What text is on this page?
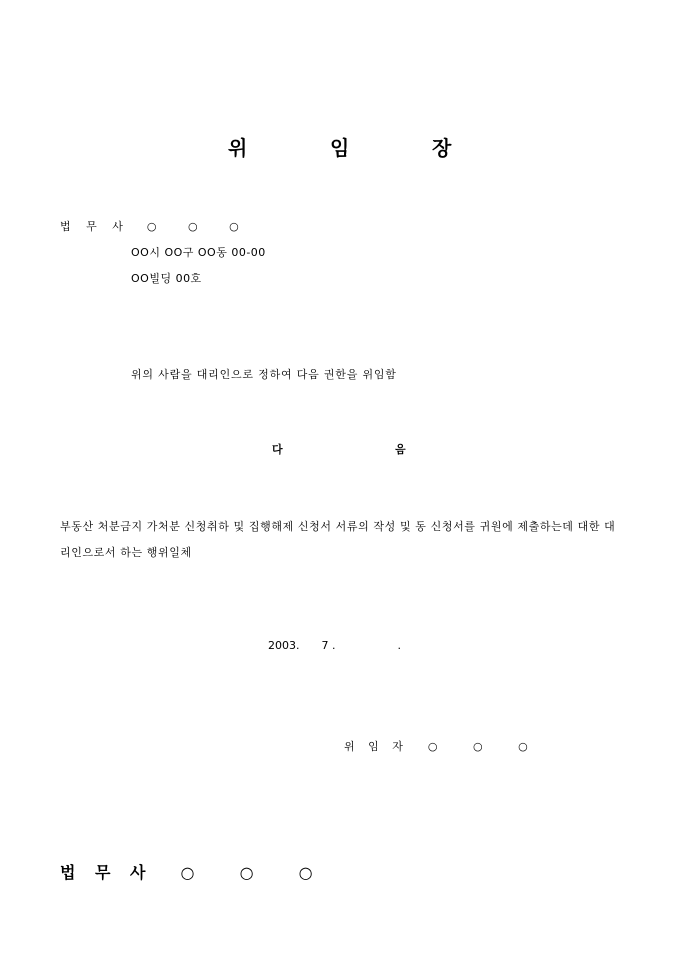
위	임	장
법 무 사 ○ ○ ○
OO시 OO구 OO동 00-00
OO빌딩 00호
위의 사람을 대리인으로 정하여 다음 권한을 위임함
다	음
부동산 처분금지 가처분 신청취하 및 집행해제 신청서 서류의 작성 및 동 신청서를 귀원에 제출하는데 대한 대리인으로서 하는 행위일체
2003. 7 .	.
위 임 자 ○ ○ ○
법 무 사 ○ ○ ○
